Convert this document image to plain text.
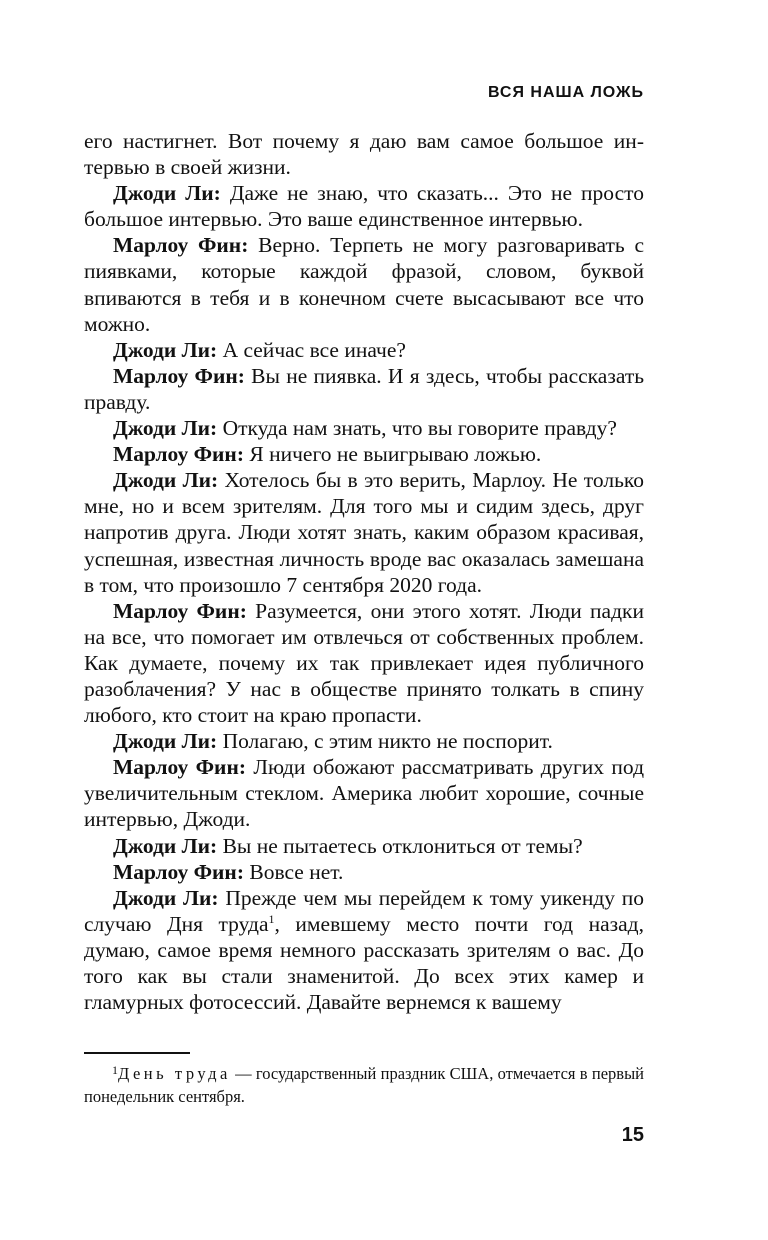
ВСЯ НАША ЛОЖЬ

его настигнет. Вот почему я даю вам самое большое интервью в своей жизни.

Джоди Ли: Даже не знаю, что сказать... Это не просто большое интервью. Это ваше единственное интервью.

Марлоу Фин: Верно. Терпеть не могу разговаривать с пиявками, которые каждой фразой, словом, буквой впиваются в тебя и в конечном счете высасывают все что можно.

Джоди Ли: А сейчас все иначе?

Марлоу Фин: Вы не пиявка. И я здесь, чтобы рассказать правду.

Джоди Ли: Откуда нам знать, что вы говорите правду?

Марлоу Фин: Я ничего не выигрываю ложью.

Джоди Ли: Хотелось бы в это верить, Марлоу. Не только мне, но и всем зрителям. Для того мы и сидим здесь, друг напротив друга. Люди хотят знать, каким образом красивая, успешная, известная личность вроде вас оказалась замешана в том, что произошло 7 сентября 2020 года.

Марлоу Фин: Разумеется, они этого хотят. Люди падки на все, что помогает им отвлечься от собственных проблем. Как думаете, почему их так привлекает идея публичного разоблачения? У нас в обществе принято толкать в спину любого, кто стоит на краю пропасти.

Джоди Ли: Полагаю, с этим никто не поспорит.

Марлоу Фин: Люди обожают рассматривать других под увеличительным стеклом. Америка любит хорошие, сочные интервью, Джоди.

Джоди Ли: Вы не пытаетесь отклониться от темы?

Марлоу Фин: Вовсе нет.

Джоди Ли: Прежде чем мы перейдем к тому уикенду по случаю Дня труда$^1$, имевшему место почти год назад, думаю, самое время немного рассказать зрителям о вас. До того как вы стали знаменитой. До всех этих камер и гламурных фотосессий. Давайте вернемся к вашему

$^1$День труда — государственный праздник США, отмечается в первый понедельник сентября.
15
